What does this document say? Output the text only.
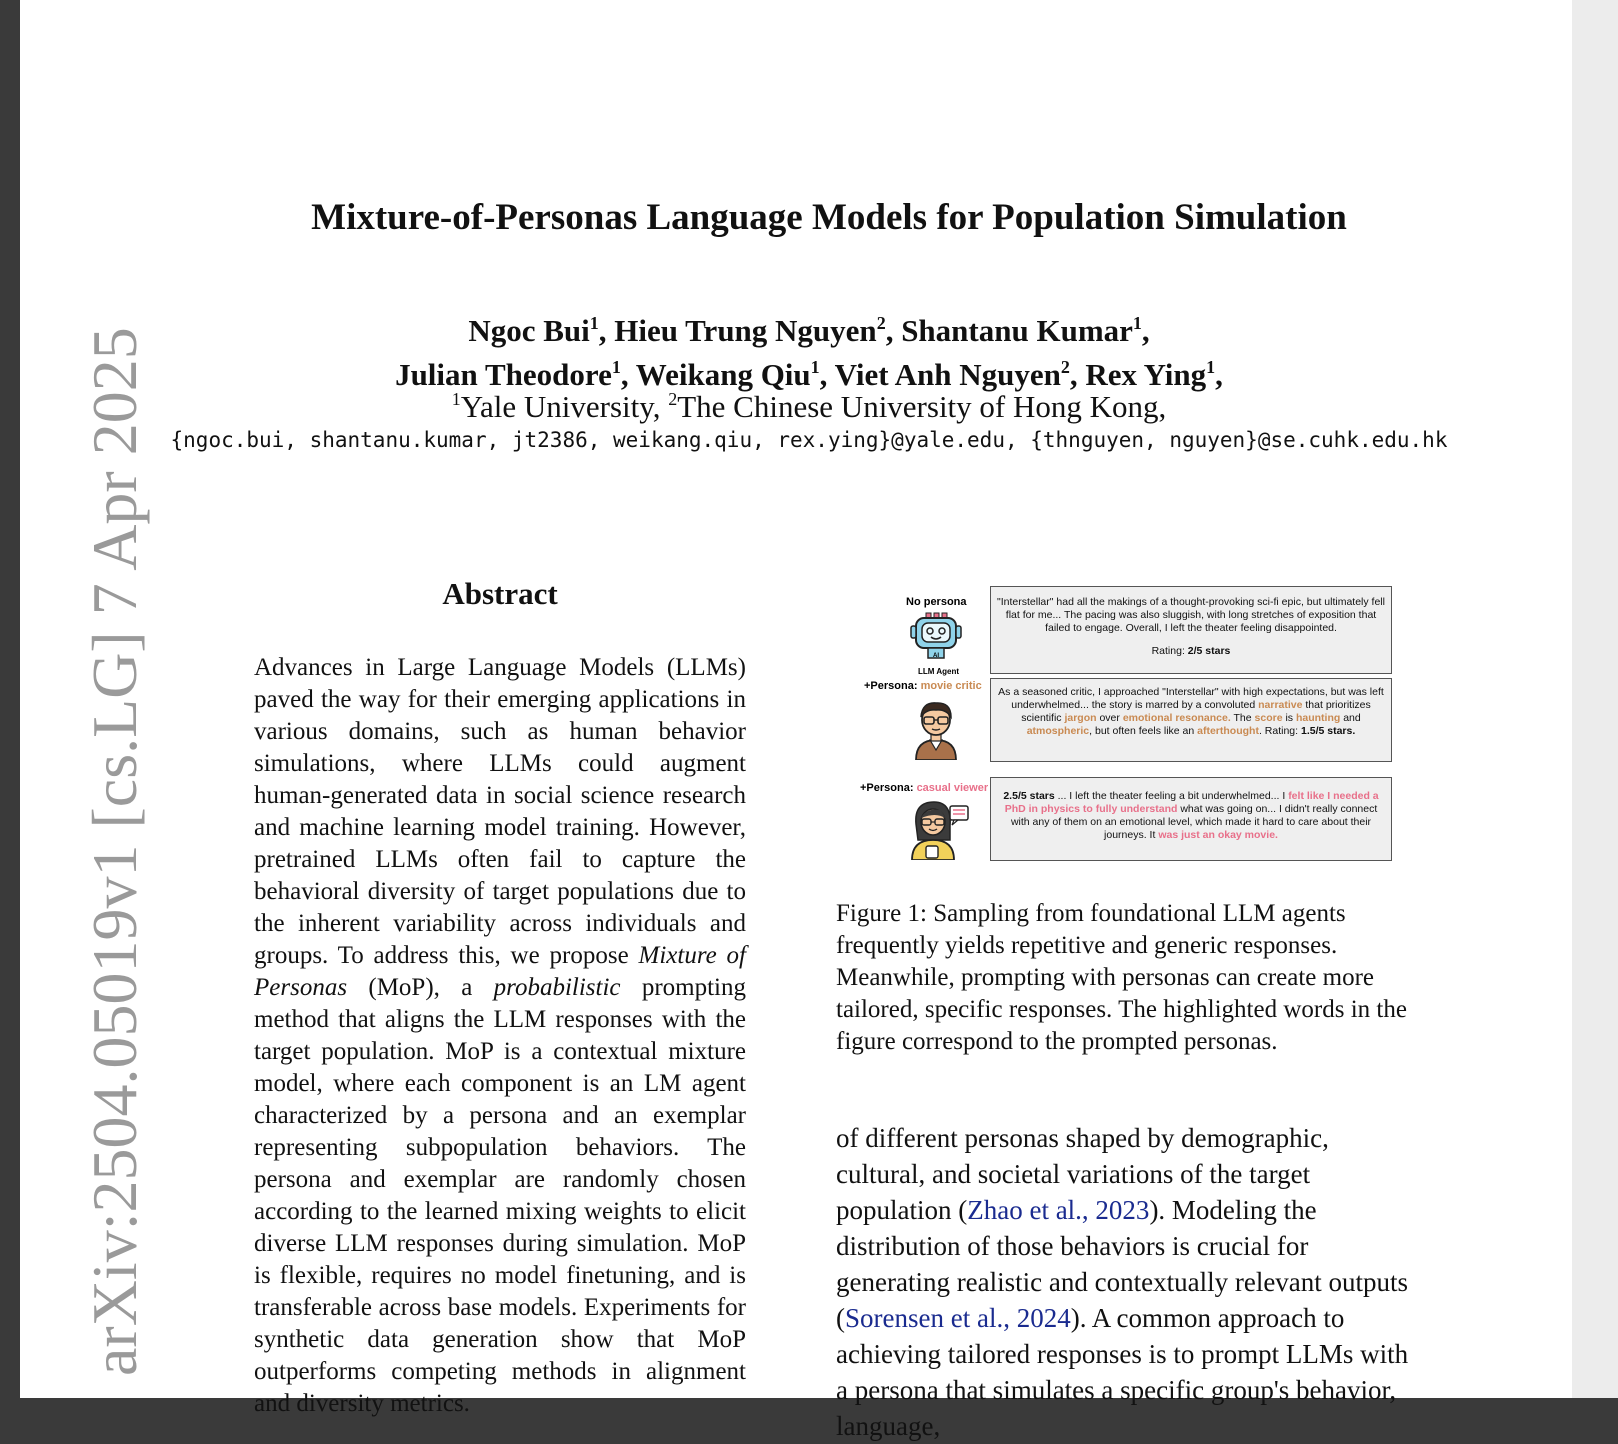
arXiv:2504.05019v1 [cs.LG] 7 Apr 2025
Mixture-of-Personas Language Models for Population Simulation
Ngoc Bui$^1$, Hieu Trung Nguyen$^2$, Shantanu Kumar$^1$,
Julian Theodore$^1$, Weikang Qiu$^1$, Viet Anh Nguyen$^2$, Rex Ying$^1$,
$^1$Yale University, $^2$The Chinese University of Hong Kong,
{ngoc.bui, shantanu.kumar, jt2386, weikang.qiu, rex.ying}@yale.edu, {thnguyen, nguyen}@se.cuhk.edu.hk
Abstract

Advances in Large Language Models (LLMs) paved the way for their emerging applications in various domains, such as human behavior simulations, where LLMs could augment human-generated data in social science research and machine learning model training. However, pretrained LLMs often fail to capture the behavioral diversity of target populations due to the inherent variability across individuals and groups. To address this, we propose Mixture of Personas (MoP), a probabilistic prompting method that aligns the LLM responses with the target population. MoP is a contextual mixture model, where each component is an LM agent characterized by a persona and an exemplar representing subpopulation behaviors. The persona and exemplar are randomly chosen according to the learned mixing weights to elicit diverse LLM responses during simulation. MoP is flexible, requires no model finetuning, and is transferable across base models. Experiments for synthetic data generation show that MoP outperforms competing methods in alignment and diversity metrics.

No persona
AI
LLM Agent
"Interstellar" had all the makings of a thought-provoking sci-fi epic, but ultimately fell flat for me... The pacing was also sluggish, with long stretches of exposition that failed to engage. Overall, I left the theater feeling disappointed.
Rating: 2/5 stars
+Persona: movie critic	As a seasoned critic, I approached "Interstellar" with high expectations, but was left underwhelmed... the story is marred by a convoluted narrative that prioritizes scientific jargon over emotional resonance. The score is haunting and atmospheric, but often feels like an afterthought. Rating: 1.5/5 stars.
+Persona: casual viewer
2.5/5 stars ... I left the theater feeling a bit underwhelmed... I felt like I needed a PhD in physics to fully understand what was going on... I didn't really connect with any of them on an emotional level, which made it hard to care about their journeys. It was just an okay movie.

Figure 1: Sampling from foundational LLM agents frequently yields repetitive and generic responses. Meanwhile, prompting with personas can create more tailored, specific responses. The highlighted words in the figure correspond to the prompted personas.

of different personas shaped by demographic, cultural, and societal variations of the target population (Zhao et al., 2023). Modeling the distribution of those behaviors is crucial for generating realistic and contextually relevant outputs (Sorensen et al., 2024). A common approach to achieving tailored responses is to prompt LLMs with a persona that simulates a specific group's behavior, language,
